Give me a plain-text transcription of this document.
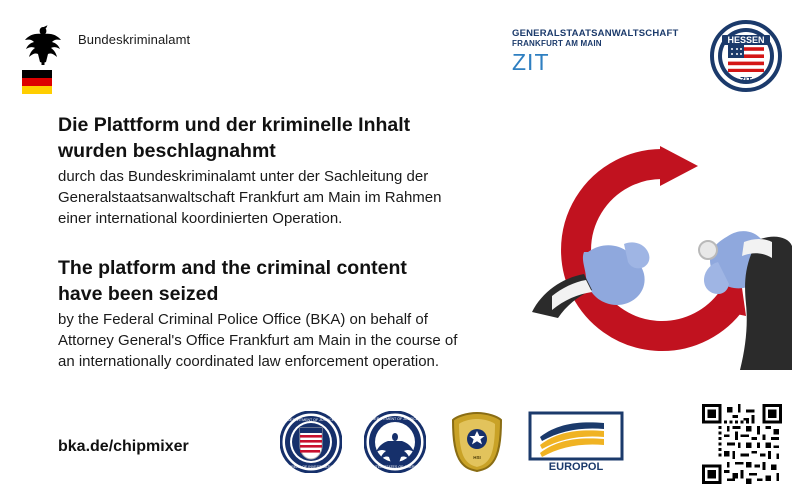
Bundeskriminalamt	GENERALSTAATSANWALTSCHAFT
FRANKFURT AM MAIN
ZIT
HESSEN
ZIT
Die Plattform und der kriminelle Inhalt
wurden beschlagnahmt
durch das Bundeskriminalamt unter der Sachleitung der
Generalstaatsanwaltschaft Frankfurt am Main im Rahmen
einer international koordinierten Operation.
The platform and the criminal content
have been seized
by the Federal Criminal Police Office (BKA) on behalf of
Attorney General's Office Frankfurt am Main in the course of
an internationally coordinated law enforcement operation.
bka.de/chipmixer
DEPARTMENT OF JUSTICE
BUREAU OF INVESTIGATION
DEPARTMENT OF JUSTICE
UNITED STATES OF AMERICA
HSI
EUROPOL
